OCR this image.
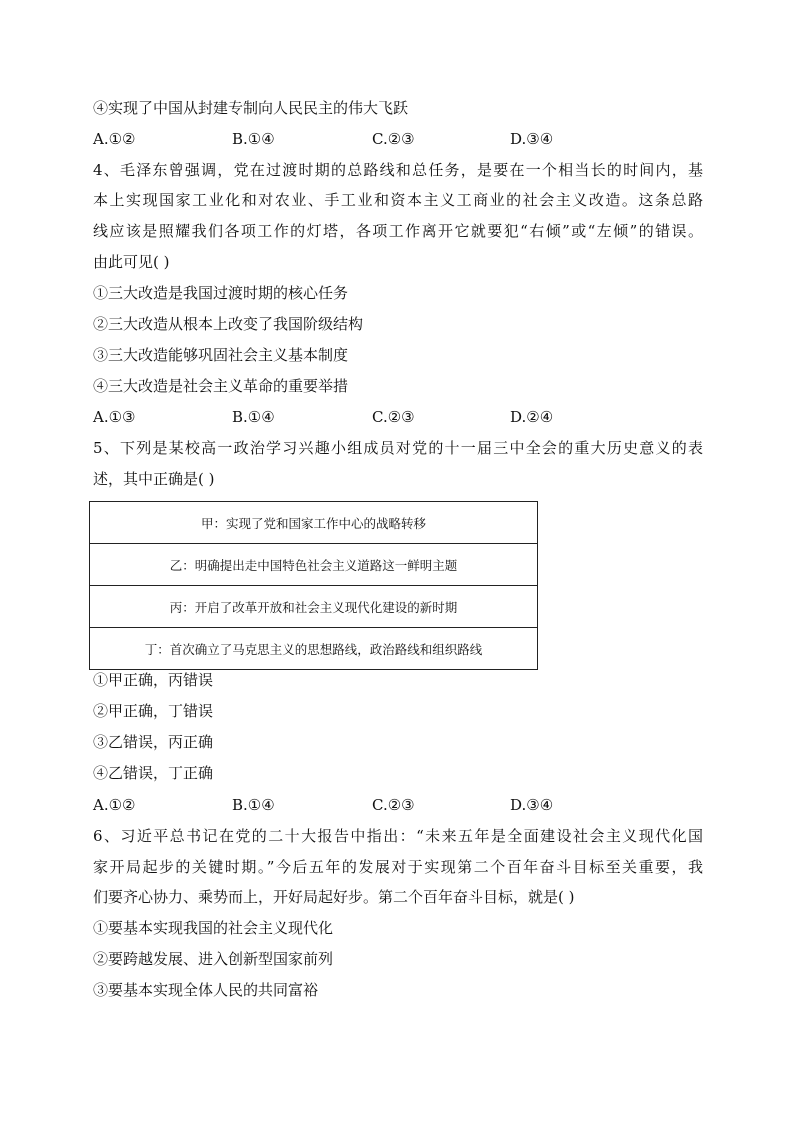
④实现了中国从封建专制向人民民主的伟大飞跃
A.①②	B.①④	C.②③	D.③④
4、毛泽东曾强调，党在过渡时期的总路线和总任务，是要在一个相当长的时间内，基
本上实现国家工业化和对农业、手工业和资本主义工商业的社会主义改造。这条总路
线应该是照耀我们各项工作的灯塔，各项工作离开它就要犯“右倾”或“左倾”的错误。
由此可见( )
①三大改造是我国过渡时期的核心任务
②三大改造从根本上改变了我国阶级结构
③三大改造能够巩固社会主义基本制度
④三大改造是社会主义革命的重要举措
A.①③	B.①④	C.②③	D.②④
5、下列是某校高一政治学习兴趣小组成员对党的十一届三中全会的重大历史意义的表
述，其中正确是( )
甲：实现了党和国家工作中心的战略转移
乙：明确提出走中国特色社会主义道路这一鲜明主题
丙：开启了改革开放和社会主义现代化建设的新时期
丁：首次确立了马克思主义的思想路线，政治路线和组织路线
①甲正确，丙错误
②甲正确，丁错误
③乙错误，丙正确
④乙错误，丁正确
A.①②	B.①④	C.②③	D.③④
6、习近平总书记在党的二十大报告中指出：“未来五年是全面建设社会主义现代化国
家开局起步的关键时期。”今后五年的发展对于实现第二个百年奋斗目标至关重要，我
们要齐心协力、乘势而上，开好局起好步。第二个百年奋斗目标，就是( )
①要基本实现我国的社会主义现代化
②要跨越发展、进入创新型国家前列
③要基本实现全体人民的共同富裕
